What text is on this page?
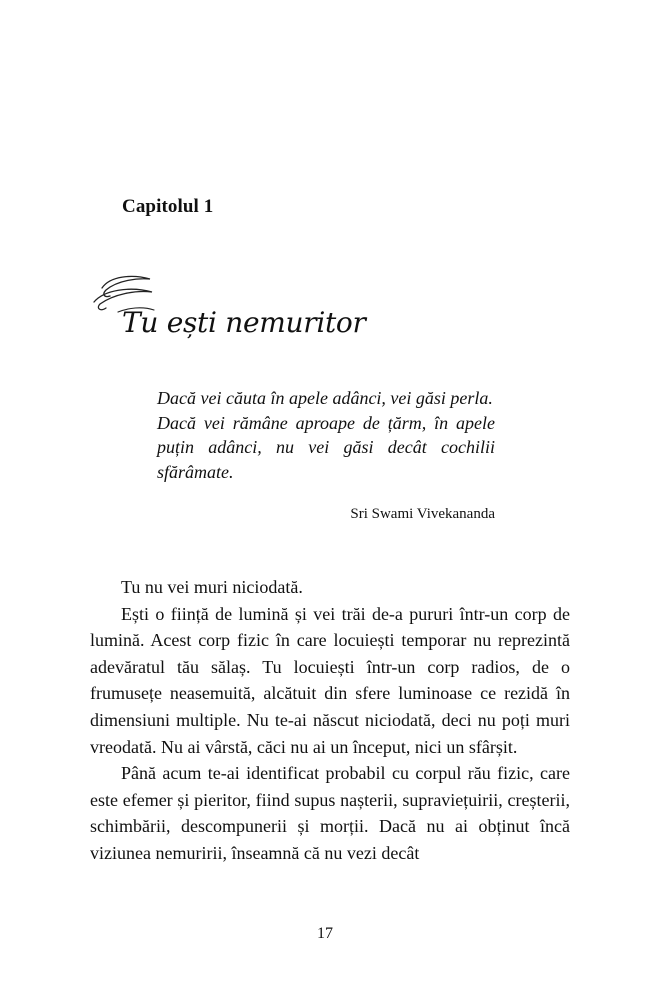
Capitolul 1
Tu ești nemuritor

Dacă vei căuta în apele adânci, vei găsi perla.

Dacă vei rămâne aproape de țărm, în apele puțin adânci, nu vei găsi decât cochilii sfărâmate.

Sri Swami Vivekananda

Tu nu vei muri niciodată.

Ești o ființă de lumină și vei trăi de-a pururi într-un corp de lumină. Acest corp fizic în care locuiești temporar nu reprezintă adevăratul tău sălaș. Tu locuiești într-un corp radios, de o frumusețe neasemuită, alcătuit din sfere luminoase ce rezidă în dimensiuni multiple. Nu te-ai născut niciodată, deci nu poți muri vreodată. Nu ai vârstă, căci nu ai un început, nici un sfârșit.

Până acum te-ai identificat probabil cu corpul rău fizic, care este efemer și pieritor, fiind supus nașterii, supraviețuirii, creșterii, schimbării, descompunerii și morții. Dacă nu ai obținut încă viziunea nemuririi, înseamnă că nu vezi decât

17
